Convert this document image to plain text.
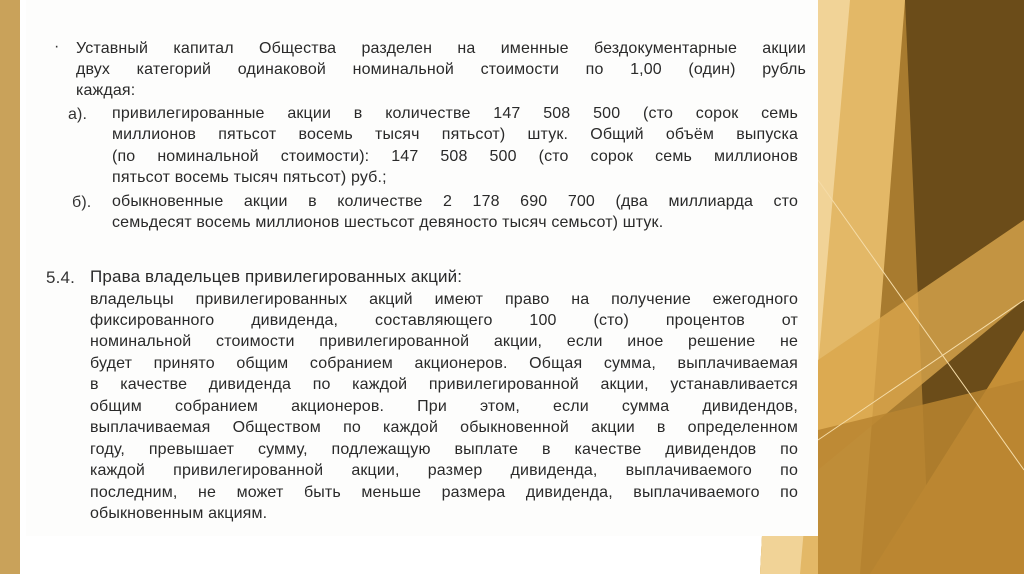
· Уставный капитал Общества разделен на именные бездокументарные акции
двух категорий одинаковой номинальной стоимости по 1,00 (один) рубль
каждая:
а). привилегированные акции в количестве 147 508 500 (сто сорок семь
миллионов пятьсот восемь тысяч пятьсот) штук. Общий объём выпуска
(по номинальной стоимости): 147 508 500 (сто сорок семь миллионов
пятьсот восемь тысяч пятьсот) руб.;
б). обыкновенные акции в количестве 2 178 690 700 (два миллиарда сто
семьдесят восемь миллионов шестьсот девяносто тысяч семьсот) штук.
5.4. Права владельцев привилегированных акций:
владельцы привилегированных акций имеют право на получение ежегодного
фиксированного дивиденда, составляющего 100 (сто) процентов от
номинальной стоимости привилегированной акции, если иное решение не
будет принято общим собранием акционеров. Общая сумма, выплачиваемая
в качестве дивиденда по каждой привилегированной акции, устанавливается
общим собранием акционеров. При этом, если сумма дивидендов,
выплачиваемая Обществом по каждой обыкновенной акции в определенном
году, превышает сумму, подлежащую выплате в качестве дивидендов по
каждой привилегированной акции, размер дивиденда, выплачиваемого по
последним, не может быть меньше размера дивиденда, выплачиваемого по
обыкновенным акциям.
